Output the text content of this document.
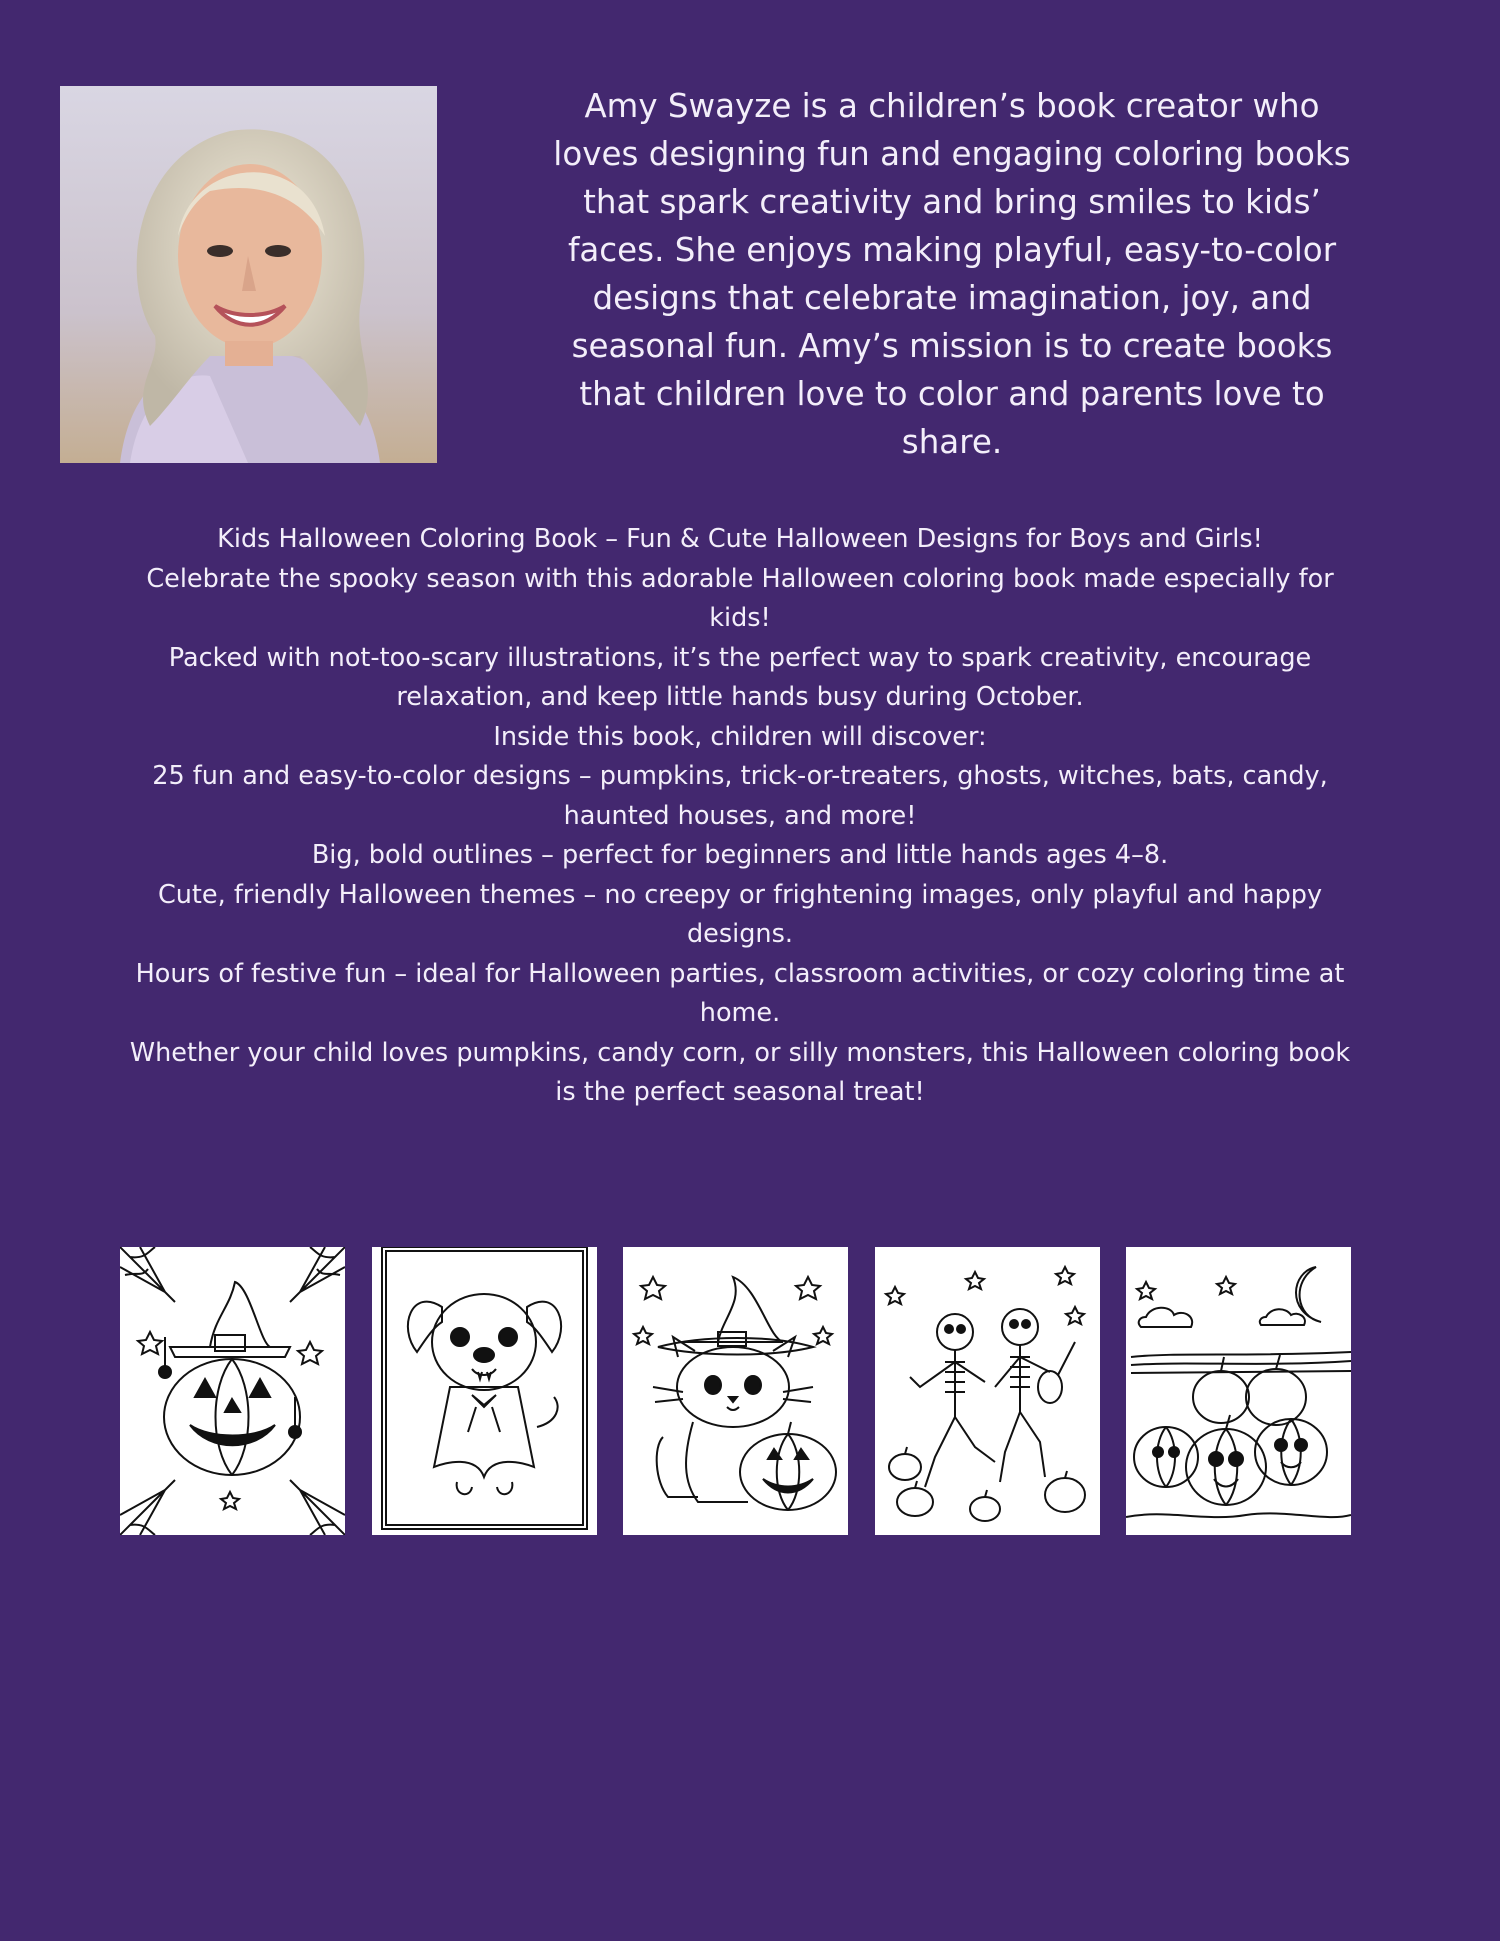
Amy Swayze is a children’s book creator who loves designing fun and engaging coloring books that spark creativity and bring smiles to kids’ faces. She enjoys making playful, easy-to-color designs that celebrate imagination, joy, and seasonal fun. Amy’s mission is to create books that children love to color and parents love to share.

Kids Halloween Coloring Book – Fun & Cute Halloween Designs for Boys and Girls!

Celebrate the spooky season with this adorable Halloween coloring book made especially for kids!

Packed with not-too-scary illustrations, it’s the perfect way to spark creativity, encourage relaxation, and keep little hands busy during October.

Inside this book, children will discover:

25 fun and easy-to-color designs – pumpkins, trick-or-treaters, ghosts, witches, bats, candy, haunted houses, and more!

Big, bold outlines – perfect for beginners and little hands ages 4–8.

Cute, friendly Halloween themes – no creepy or frightening images, only playful and happy designs.

Hours of festive fun – ideal for Halloween parties, classroom activities, or cozy coloring time at home.

Whether your child loves pumpkins, candy corn, or silly monsters, this Halloween coloring book is the perfect seasonal treat!
